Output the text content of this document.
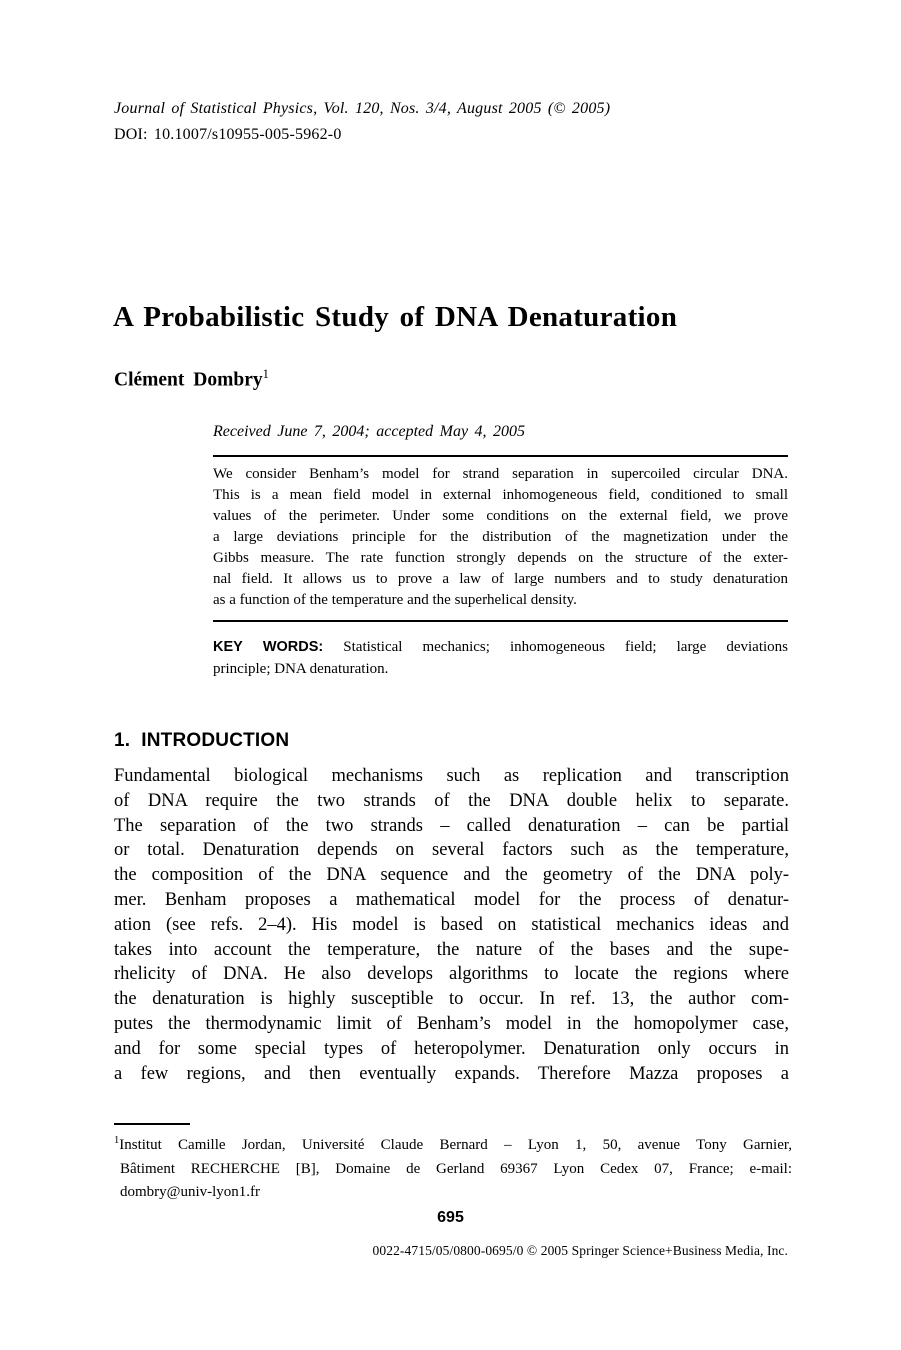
Journal of Statistical Physics, Vol. 120, Nos. 3/4, August 2005 (© 2005)
DOI: 10.1007/s10955-005-5962-0
A Probabilistic Study of DNA Denaturation
Clément Dombry$^1$
Received June 7, 2004; accepted May 4, 2005
We consider Benham’s model for strand separation in supercoiled circular DNA.
This is a mean field model in external inhomogeneous field, conditioned to small
values of the perimeter. Under some conditions on the external field, we prove
a large deviations principle for the distribution of the magnetization under the
Gibbs measure. The rate function strongly depends on the structure of the exter-
nal field. It allows us to prove a law of large numbers and to study denaturation
as a function of the temperature and the superhelical density.
KEY WORDS: Statistical mechanics; inhomogeneous field; large deviations
principle; DNA denaturation.
1. INTRODUCTION
Fundamental biological mechanisms such as replication and transcription
of DNA require the two strands of the DNA double helix to separate.
The separation of the two strands – called denaturation – can be partial
or total. Denaturation depends on several factors such as the temperature,
the composition of the DNA sequence and the geometry of the DNA poly-
mer. Benham proposes a mathematical model for the process of denatur-
ation (see refs. 2–4). His model is based on statistical mechanics ideas and
takes into account the temperature, the nature of the bases and the supe-
rhelicity of DNA. He also develops algorithms to locate the regions where
the denaturation is highly susceptible to occur. In ref. 13, the author com-
putes the thermodynamic limit of Benham’s model in the homopolymer case,
and for some special types of heteropolymer. Denaturation only occurs in
a few regions, and then eventually expands. Therefore Mazza proposes a
$^1$Institut Camille Jordan, Université Claude Bernard – Lyon 1, 50, avenue Tony Garnier,
Bâtiment RECHERCHE [B], Domaine de Gerland 69367 Lyon Cedex 07, France; e-mail:
dombry@univ-lyon1.fr
695
0022-4715/05/0800-0695/0 © 2005 Springer Science+Business Media, Inc.
